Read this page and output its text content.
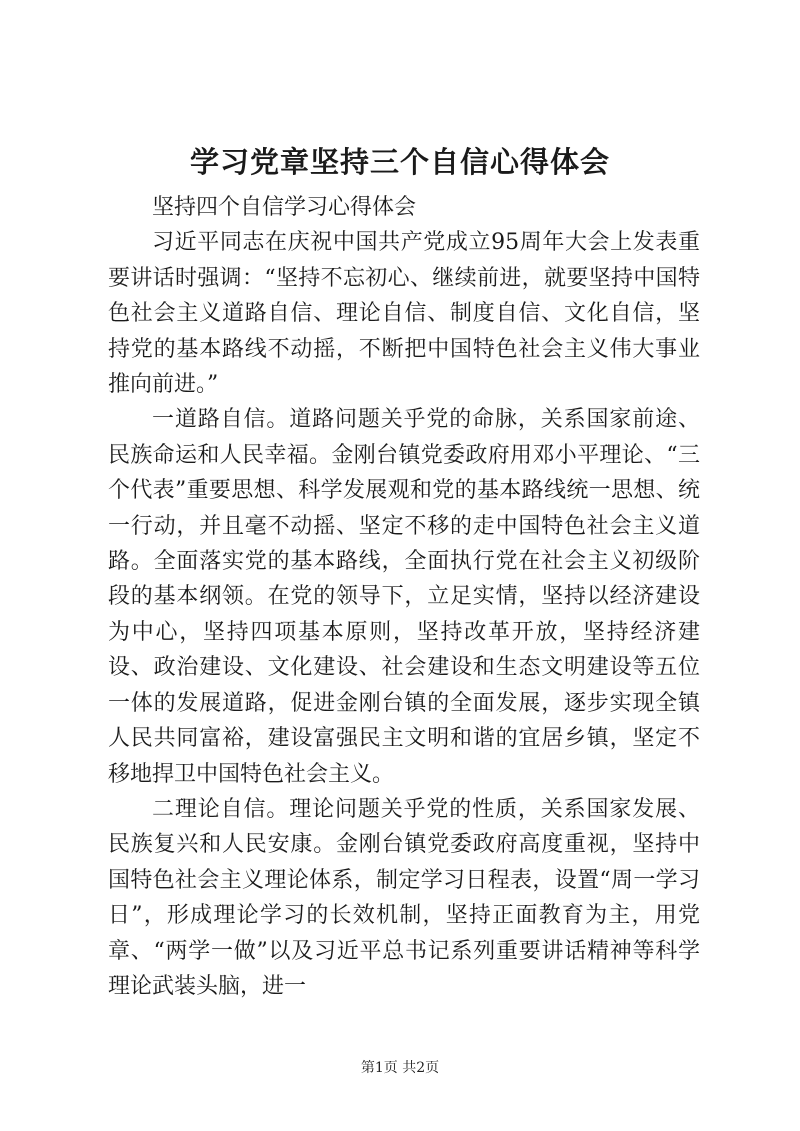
学习党章坚持三个自信心得体会

坚持四个自信学习心得体会

习近平同志在庆祝中国共产党成立95周年大会上发表重要讲话时强调：“坚持不忘初心、继续前进，就要坚持中国特色社会主义道路自信、理论自信、制度自信、文化自信，坚持党的基本路线不动摇，不断把中国特色社会主义伟大事业推向前进。”

一道路自信。道路问题关乎党的命脉，关系国家前途、民族命运和人民幸福。金刚台镇党委政府用邓小平理论、“三个代表”重要思想、科学发展观和党的基本路线统一思想、统一行动，并且毫不动摇、坚定不移的走中国特色社会主义道路。全面落实党的基本路线，全面执行党在社会主义初级阶段的基本纲领。在党的领导下，立足实情，坚持以经济建设为中心，坚持四项基本原则，坚持改革开放，坚持经济建设、政治建设、文化建设、社会建设和生态文明建设等五位一体的发展道路，促进金刚台镇的全面发展，逐步实现全镇人民共同富裕，建设富强民主文明和谐的宜居乡镇，坚定不移地捍卫中国特色社会主义。

二理论自信。理论问题关乎党的性质，关系国家发展、民族复兴和人民安康。金刚台镇党委政府高度重视，坚持中国特色社会主义理论体系，制定学习日程表，设置“周一学习日”，形成理论学习的长效机制，坚持正面教育为主，用党章、“两学一做”以及习近平总书记系列重要讲话精神等科学理论武装头脑，进一

第1页 共2页
